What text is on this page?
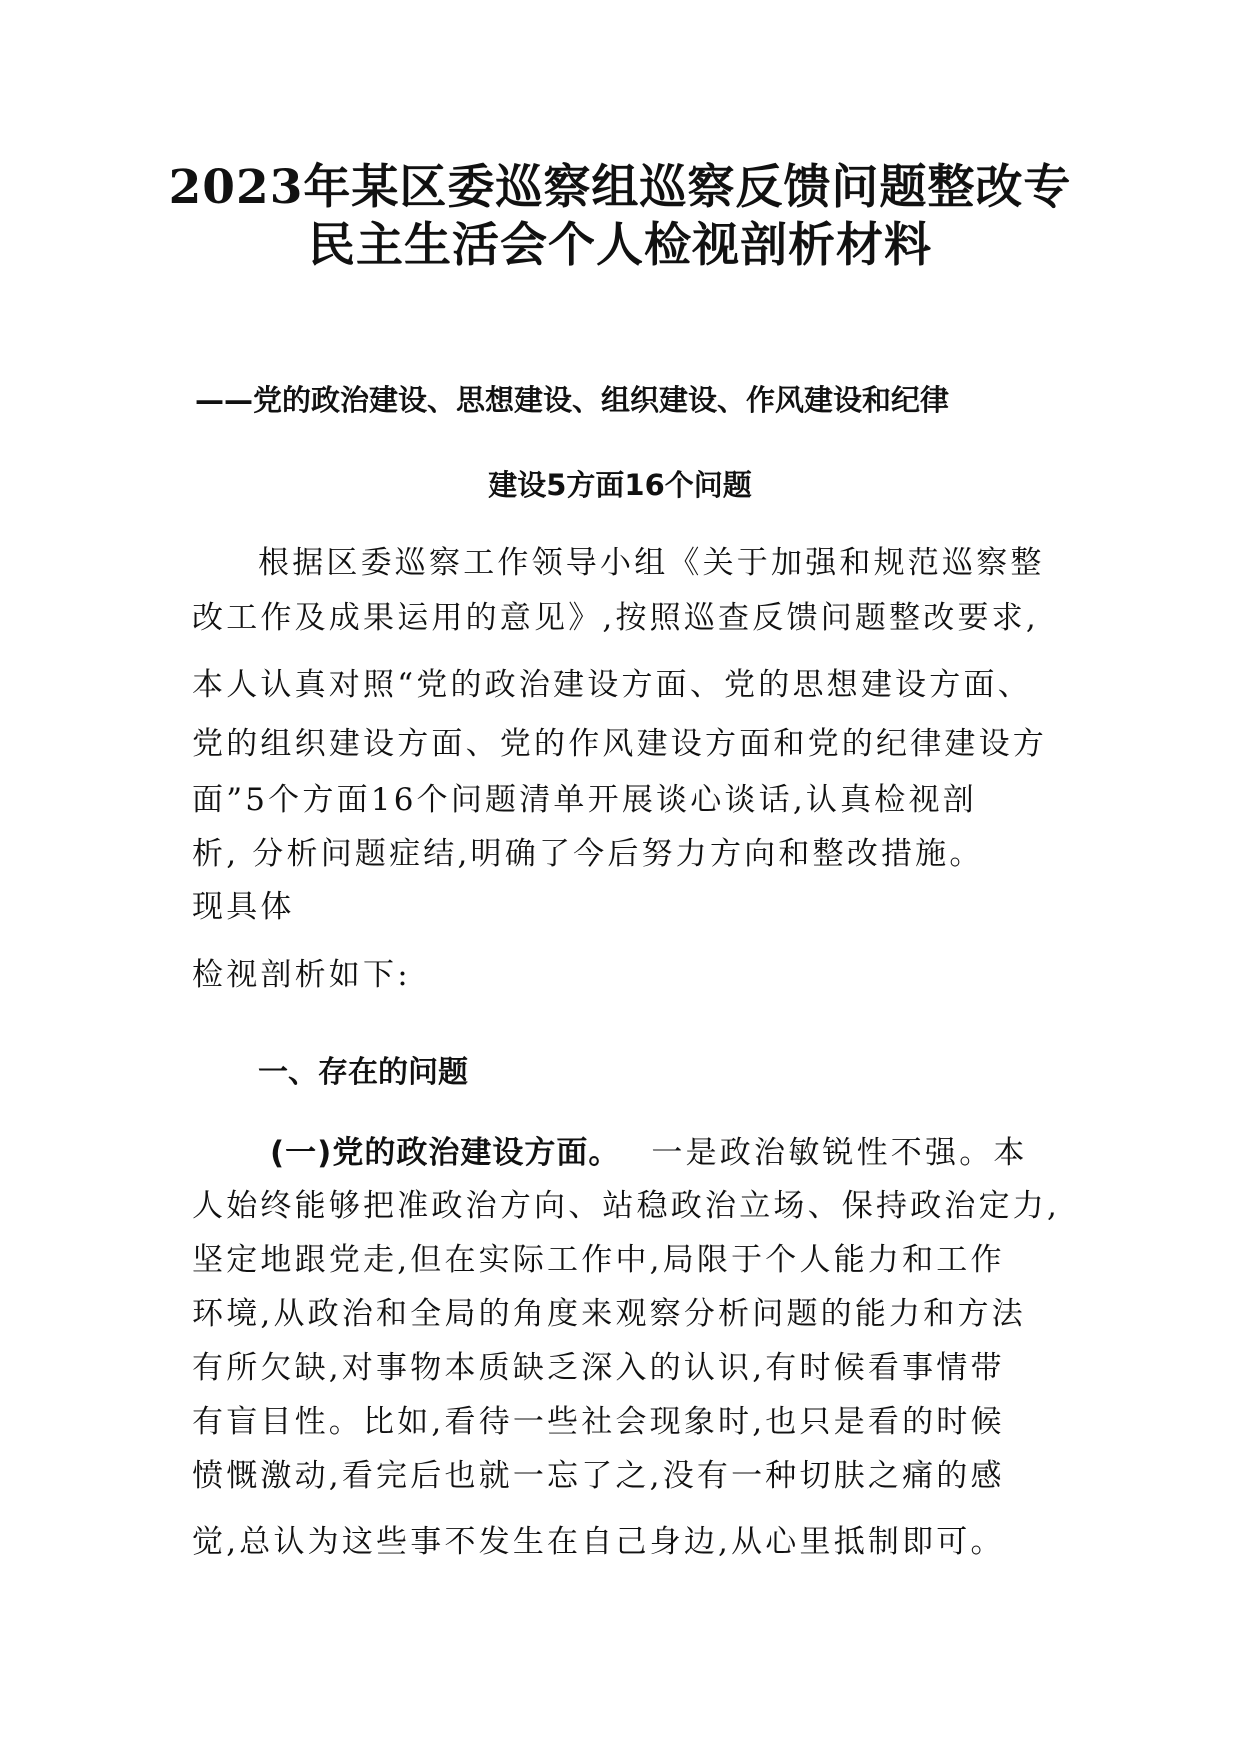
2023年某区委巡察组巡察反馈问题整改专
民主生活会个人检视剖析材料
——党的政治建设、思想建设、组织建设、作风建设和纪律
建设5方面16个问题
根据区委巡察工作领导小组《关于加强和规范巡察整
改工作及成果运用的意见》,按照巡查反馈问题整改要求,
本人认真对照“党的政治建设方面、党的思想建设方面、
党的组织建设方面、党的作风建设方面和党的纪律建设方
面”5个方面16个问题清单开展谈心谈话,认真检视剖
析, 分析问题症结,明确了今后努力方向和整改措施。
现具体
检视剖析如下:
一、存在的问题
(一)党的政治建设方面。 一是政治敏锐性不强。本
人始终能够把准政治方向、站稳政治立场、保持政治定力,
坚定地跟党走,但在实际工作中,局限于个人能力和工作
环境,从政治和全局的角度来观察分析问题的能力和方法
有所欠缺,对事物本质缺乏深入的认识,有时候看事情带
有盲目性。比如,看待一些社会现象时,也只是看的时候
愤慨激动,看完后也就一忘了之,没有一种切肤之痛的感
觉,总认为这些事不发生在自己身边,从心里抵制即可。
